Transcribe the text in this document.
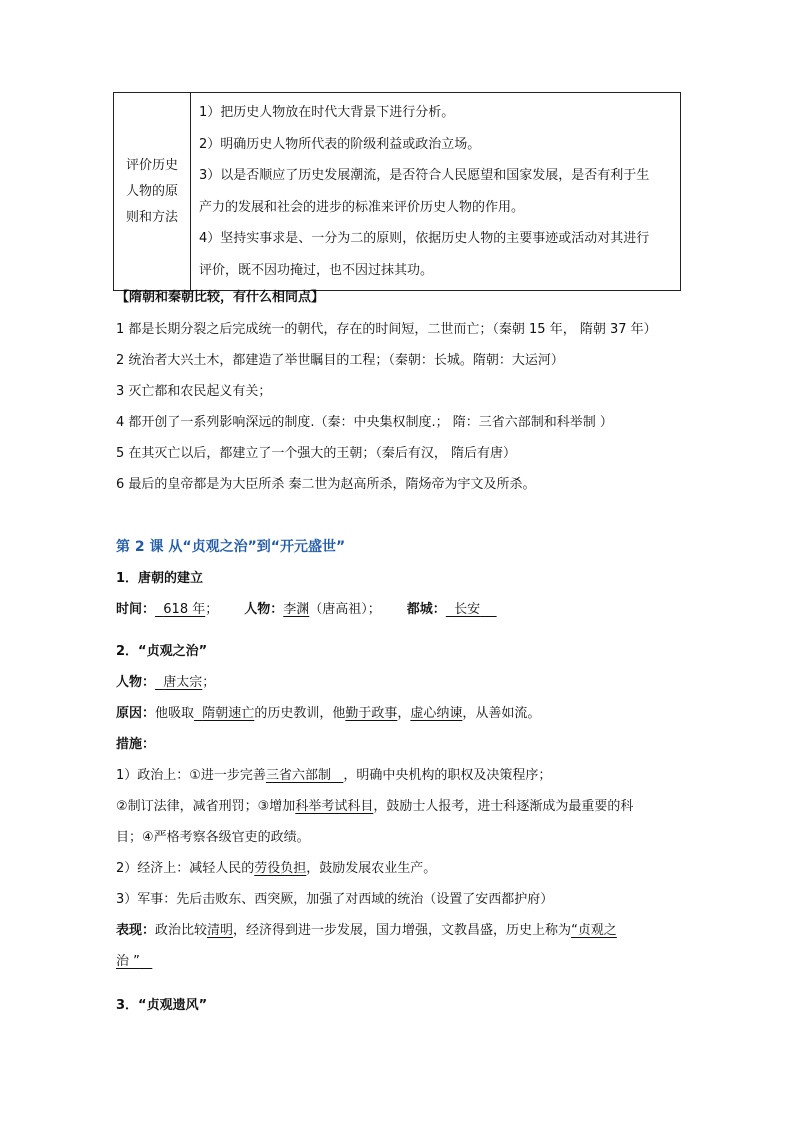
评价历史
人物的原
则和方法

1）把历史人物放在时代大背景下进行分析。
2）明确历史人物所代表的阶级利益或政治立场。
3）以是否顺应了历史发展潮流，是否符合人民愿望和国家发展，是否有利于生
产力的发展和社会的进步的标准来评价历史人物的作用。
4）坚持实事求是、一分为二的原则，依据历史人物的主要事迹或活动对其进行
评价，既不因功掩过，也不因过抹其功。
【隋朝和秦朝比较，有什么相同点】
1 都是长期分裂之后完成统一的朝代，存在的时间短，二世而亡；（秦朝 15 年， 隋朝 37 年）
2 统治者大兴土木，都建造了举世瞩目的工程；（秦朝：长城。隋朝：大运河）
3 灭亡都和农民起义有关；
4 都开创了一系列影响深远的制度.（秦：中央集权制度.； 隋：三省六部制和科举制 ）
5 在其灭亡以后，都建立了一个强大的王朝；（秦后有汉， 隋后有唐）
6 最后的皇帝都是为大臣所杀 秦二世为赵高所杀，隋炀帝为宇文及所杀。
第 2 课 从“贞观之治”到“开元盛世”
1．唐朝的建立
时间： 618 年； 人物：李渊（唐高祖）； 都城： 长安
2．“贞观之治”
人物： 唐太宗；
原因：他吸取 隋朝速亡的历史教训，他勤于政事，虚心纳谏，从善如流。
措施：
1）政治上：①进一步完善三省六部制 ，明确中央机构的职权及决策程序；
②制订法律，减省刑罚；③增加科举考试科目，鼓励士人报考，进士科逐渐成为最重要的科
目；④严格考察各级官吏的政绩。
2）经济上：减轻人民的劳役负担，鼓励发展农业生产。
3）军事：先后击败东、西突厥，加强了对西域的统治（设置了安西都护府）
表现：政治比较清明，经济得到进一步发展，国力增强，文教昌盛，历史上称为“贞观之
治 ”
3．“贞观遗风”
